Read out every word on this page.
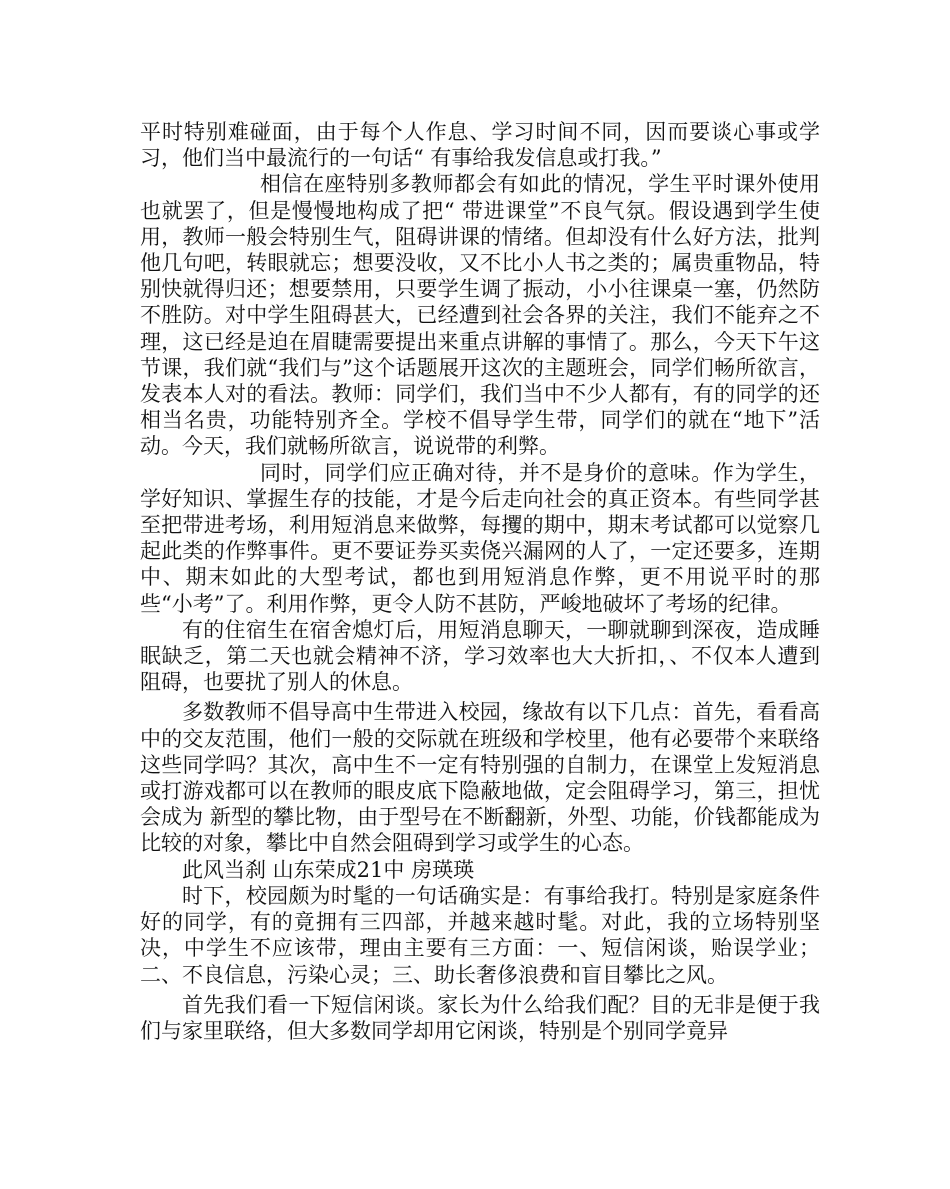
平时特别难碰面，由于每个人作息、学习时间不同，因而要谈心事或学习，他们当中最流行的一句话“ 有事给我发信息或打我。”

相信在座特别多教师都会有如此的情况，学生平时课外使用也就罢了，但是慢慢地构成了把“ 带进课堂”不良气氛。假设遇到学生使用，教师一般会特别生气，阻碍讲课的情绪。但却没有什么好方法，批判他几句吧，转眼就忘；想要没收，又不比小人书之类的；属贵重物品，特别快就得归还；想要禁用，只要学生调了振动，小小往课桌一塞，仍然防不胜防。对中学生阻碍甚大，已经遭到社会各界的关注，我们不能弃之不理，这已经是迫在眉睫需要提出来重点讲解的事情了。那么，今天下午这节课，我们就“我们与”这个话题展开这次的主题班会，同学们畅所欲言，发表本人对的看法。教师：同学们，我们当中不少人都有，有的同学的还相当名贵，功能特别齐全。学校不倡导学生带，同学们的就在“地下”活动。今天，我们就畅所欲言，说说带的利弊。

同时，同学们应正确对待，并不是身价的意味。作为学生，学好知识、掌握生存的技能，才是今后走向社会的真正资本。有些同学甚至把带进考场，利用短消息来做弊，每攫的期中，期末考试都可以觉察几起此类的作弊事件。更不要证券买卖侥兴漏网的人了，一定还要多，连期中、期末如此的大型考试，都也到用短消息作弊，更不用说平时的那些“小考”了。利用作弊，更令人防不甚防，严峻地破坏了考场的纪律。

有的住宿生在宿舍熄灯后，用短消息聊天，一聊就聊到深夜，造成睡眠缺乏，第二天也就会精神不济，学习效率也大大折扣，、不仅本人遭到阻碍，也要扰了别人的休息。

多数教师不倡导高中生带进入校园，缘故有以下几点：首先，看看高中的交友范围，他们一般的交际就在班级和学校里，他有必要带个来联络这些同学吗？其次，高中生不一定有特别强的自制力，在课堂上发短消息或打游戏都可以在教师的眼皮底下隐蔽地做，定会阻碍学习，第三，担忧会成为 新型的攀比物，由于型号在不断翻新，外型、功能，价钱都能成为比较的对象，攀比中自然会阻碍到学习或学生的心态。

此风当刹 山东荣成21中 房瑛瑛

时下，校园颇为时髦的一句话确实是：有事给我打。特别是家庭条件好的同学，有的竟拥有三四部，并越来越时髦。对此，我的立场特别坚决，中学生不应该带，理由主要有三方面：一、短信闲谈，贻误学业；二、不良信息，污染心灵；三、助长奢侈浪费和盲目攀比之风。

首先我们看一下短信闲谈。家长为什么给我们配？目的无非是便于我们与家里联络，但大多数同学却用它闲谈，特别是个别同学竟异
